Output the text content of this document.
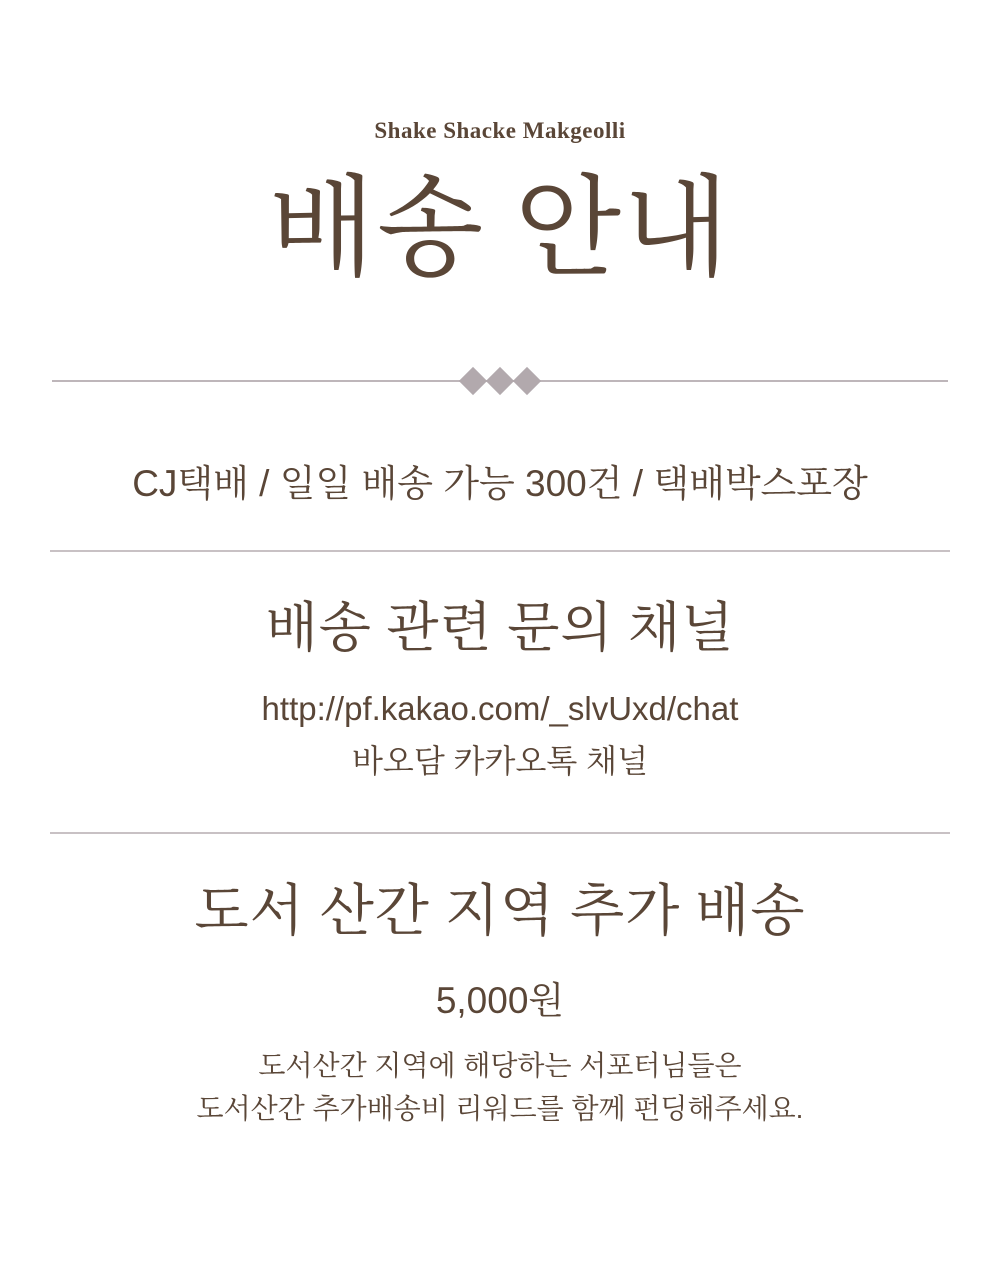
Shake Shacke Makgeolli
배송 안내

CJ택배 / 일일 배송 가능 300건 / 택배박스포장

배송 관련 문의 채널

http://pf.kakao.com/_slvUxd/chat

바오담 카카오톡 채널

도서 산간 지역 추가 배송

5,000원

도서산간 지역에 해당하는 서포터님들은
도서산간 추가배송비 리워드를 함께 펀딩해주세요.
